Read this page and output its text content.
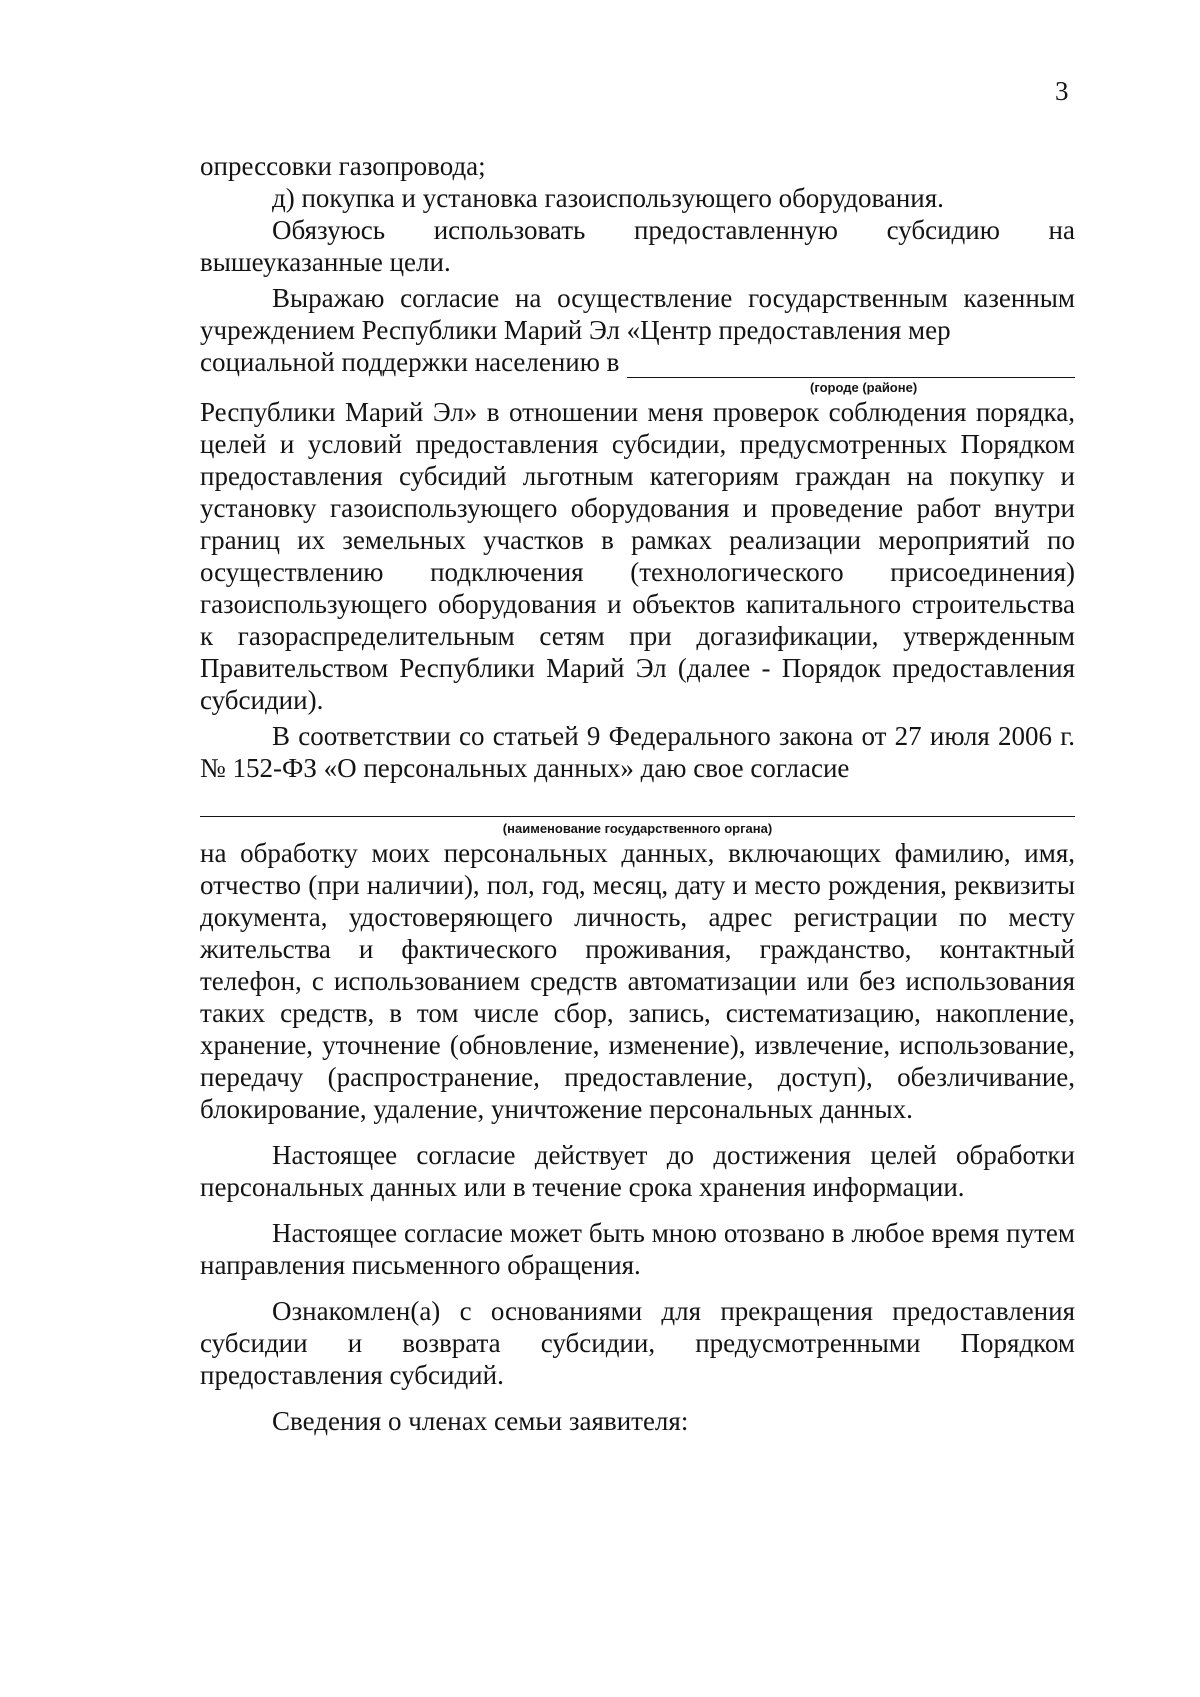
3

опрессовки газопровода;

д) покупка и установка газоиспользующего оборудования.

Обязуюсь использовать предоставленную субсидию на вышеуказанные цели.

Выражаю согласие на осуществление государственным казенным учреждением Республики Марий Эл «Центр предоставления мер

социальной поддержки населению в
(городе (районе)

Республики Марий Эл» в отношении меня проверок соблюдения порядка, целей и условий предоставления субсидии, предусмотренных Порядком предоставления субсидий льготным категориям граждан на покупку и установку газоиспользующего оборудования и проведение работ внутри границ их земельных участков в рамках реализации мероприятий по осуществлению подключения (технологического присоединения) газоиспользующего оборудования и объектов капитального строительства к газораспределительным сетям при догазификации, утвержденным Правительством Республики Марий Эл (далее - Порядок предоставления субсидии).

В соответствии со статьей 9 Федерального закона от 27 июля 2006 г. № 152-ФЗ «О персональных данных» даю свое согласие

(наименование государственного органа)

на обработку моих персональных данных, включающих фамилию, имя, отчество (при наличии), пол, год, месяц, дату и место рождения, реквизиты документа, удостоверяющего личность, адрес регистрации по месту жительства и фактического проживания, гражданство, контактный телефон, с использованием средств автоматизации или без использования таких средств, в том числе сбор, запись, систематизацию, накопление, хранение, уточнение (обновление, изменение), извлечение, использование, передачу (распространение, предоставление, доступ), обезличивание, блокирование, удаление, уничтожение персональных данных.

Настоящее согласие действует до достижения целей обработки персональных данных или в течение срока хранения информации.

Настоящее согласие может быть мною отозвано в любое время путем направления письменного обращения.

Ознакомлен(а) с основаниями для прекращения предоставления субсидии и возврата субсидии, предусмотренными Порядком предоставления субсидий.

Сведения о членах семьи заявителя:
